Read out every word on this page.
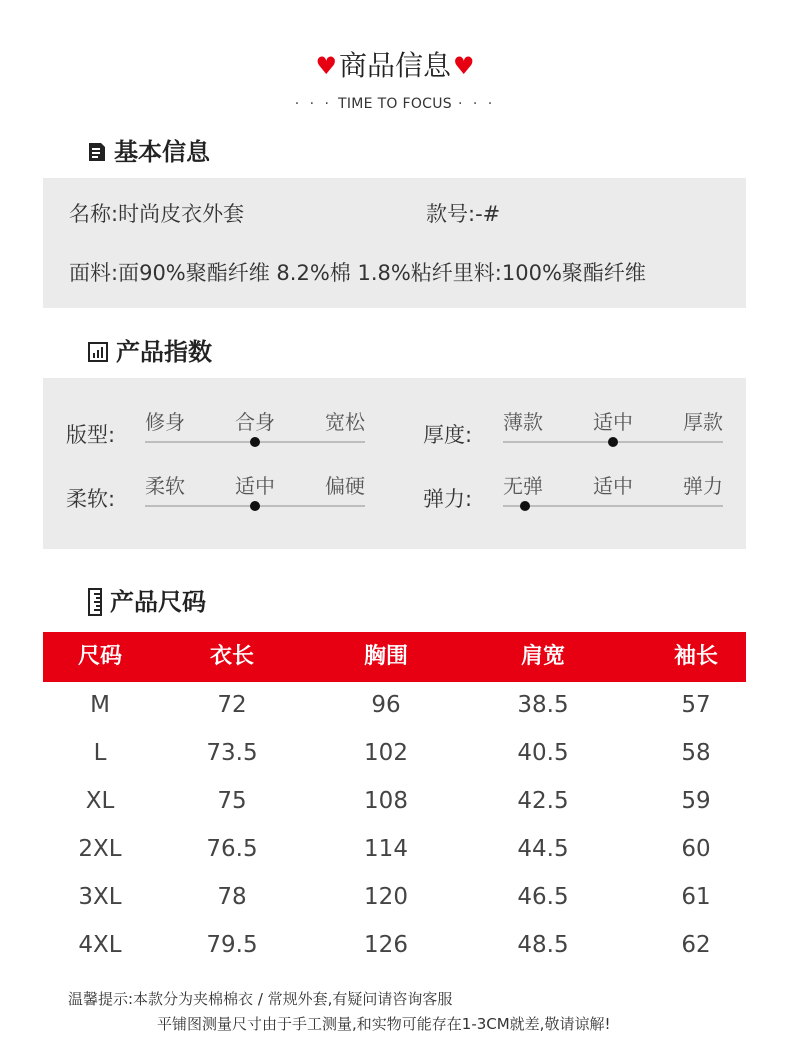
♥商品信息♥
· · · TIME TO FOCUS · · ·
基本信息
名称:时尚皮衣外套	款号:-#
面料:面90%聚酯纤维 8.2%棉 1.8%粘纤里料:100%聚酯纤维
产品指数
版型:
修身	合身	宽松
厚度:
薄款	适中	厚款
柔软:
柔软	适中	偏硬
弹力:
无弹	适中	弹力
产品尺码
尺码	衣长	胸围	肩宽	袖长
M	72	96	38.5	57
L	73.5	102	40.5	58
XL	75	108	42.5	59
2XL	76.5	114	44.5	60
3XL	78	120	46.5	61
4XL	79.5	126	48.5	62
温馨提示:本款分为夹棉棉衣 / 常规外套,有疑问请咨询客服
平铺图测量尺寸由于手工测量,和实物可能存在1-3CM就差,敬请谅解!
